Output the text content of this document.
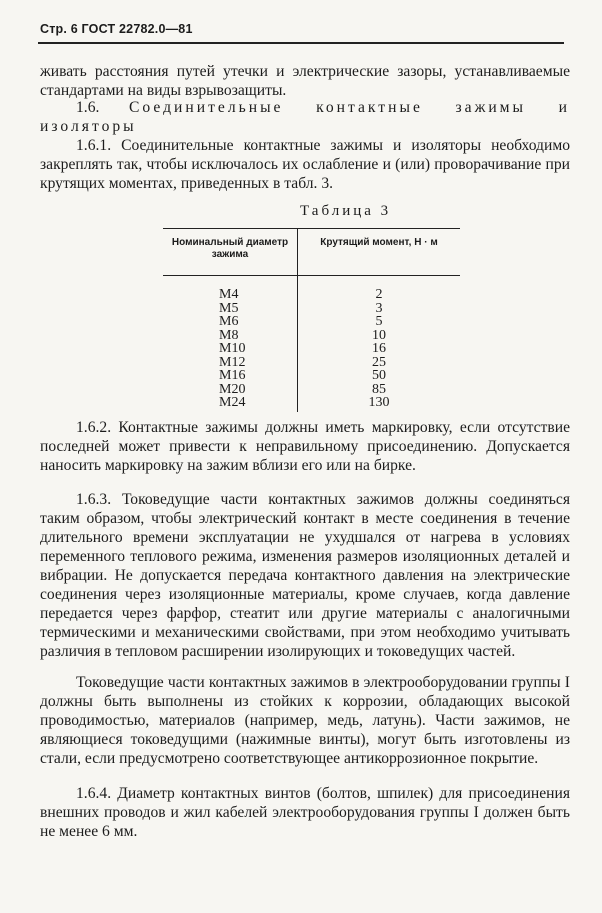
Стр. 6 ГОСТ 22782.0—81

живать расстояния путей утечки и электрические зазоры, устанавливаемые стандартами на виды взрывозащиты.

1.6. Соединительные контактные зажимы и изоляторы

1.6.1. Соединительные контактные зажимы и изоляторы необходимо закреплять так, чтобы исключалось их ослабление и (или) проворачивание при крутящих моментах, приведенных в табл. 3.

Таблица 3
Номинальный диаметр зажима
Крутящий момент, Н · м
M4
M5
M6
M8
M10
M12
M16
M20
M24
2
3
5
10
16
25
50
85
130

1.6.2. Контактные зажимы должны иметь маркировку, если отсутствие последней может привести к неправильному присоединению. Допускается наносить маркировку на зажим вблизи его или на бирке.

1.6.3. Токоведущие части контактных зажимов должны соединяться таким образом, чтобы электрический контакт в месте соединения в течение длительного времени эксплуатации не ухудшался от нагрева в условиях переменного теплового режима, изменения размеров изоляционных деталей и вибрации. Не допускается передача контактного давления на электрические соединения через изоляционные материалы, кроме случаев, когда давление передается через фарфор, стеатит или другие материалы с аналогичными термическими и механическими свойствами, при этом необходимо учитывать различия в тепловом расширении изолирующих и токоведущих частей.

Токоведущие части контактных зажимов в электрооборудовании группы I должны быть выполнены из стойких к коррозии, обладающих высокой проводимостью, материалов (например, медь, латунь). Части зажимов, не являющиеся токоведущими (нажимные винты), могут быть изготовлены из стали, если предусмотрено соответствующее антикоррозионное покрытие.

1.6.4. Диаметр контактных винтов (болтов, шпилек) для присоединения внешних проводов и жил кабелей электрооборудования группы I должен быть не менее 6 мм.
